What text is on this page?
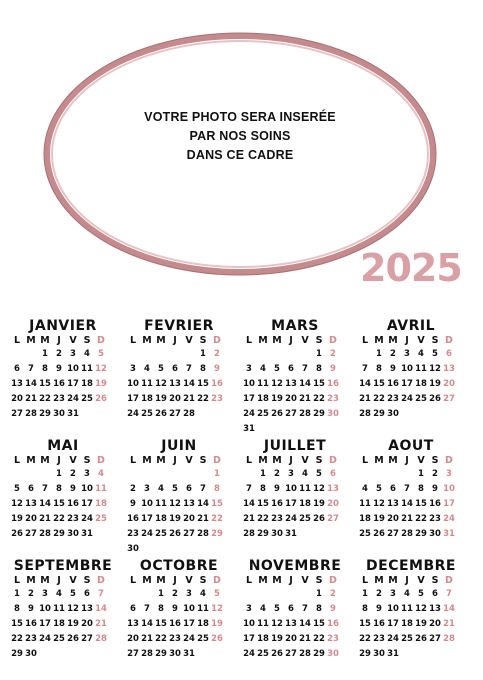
VOTRE PHOTO SERA INSERÉE
PAR NOS SOINS
DANS CE CADRE
2025
JANVIER
L M M J V S D
1 2 3 4 5
6 7 8 9 10 11 12
13 14 15 16 17 18 19
20 21 22 23 24 25 26
27 28 29 30 31
FEVRIER
L M M J V S D
1 2
3 4 5 6 7 8 9
10 11 12 13 14 15 16
17 18 19 20 21 22 23
24 25 26 27 28
MARS
L M M J V S D
1 2
3 4 5 6 7 8 9
10 11 12 13 14 15 16
17 18 19 20 21 22 23
24 25 26 27 28 29 30
31
AVRIL
L M M J V S D
1 2 3 4 5 6
7 8 9 10 11 12 13
14 15 16 17 18 19 20
21 22 23 24 25 26 27
28 29 30
MAI
L M M J V S D
1 2 3 4
5 6 7 8 9 10 11
12 13 14 15 16 17 18
19 20 21 22 23 24 25
26 27 28 29 30 31
JUIN
L M M J V S D
1
2 3 4 5 6 7 8
9 10 11 12 13 14 15
16 17 18 19 20 21 22
23 24 25 26 27 28 29
30
JUILLET
L M M J V S D
1 2 3 4 5 6
7 8 9 10 11 12 13
14 15 16 17 18 19 20
21 22 23 24 25 26 27
28 29 30 31
AOUT
L M M J V S D
1 2 3
4 5 6 7 8 9 10
11 12 13 14 15 16 17
18 19 20 21 22 23 24
25 26 27 28 29 30 31
SEPTEMBRE
L M M J V S D
1 2 3 4 5 6 7
8 9 10 11 12 13 14
15 16 17 18 19 20 21
22 23 24 25 26 27 28
29 30
OCTOBRE
L M M J V S D
1 2 3 4 5
6 7 8 9 10 11 12
13 14 15 16 17 18 19
20 21 22 23 24 25 26
27 28 29 30 31
NOVEMBRE
L M M J V S D
1 2
3 4 5 6 7 8 9
10 11 12 13 14 15 16
17 18 19 20 21 22 23
24 25 26 27 28 29 30
DECEMBRE
L M M J V S D
1 2 3 4 5 6 7
8 9 10 11 12 13 14
15 16 17 18 19 20 21
22 23 24 25 26 27 28
29 30 31
